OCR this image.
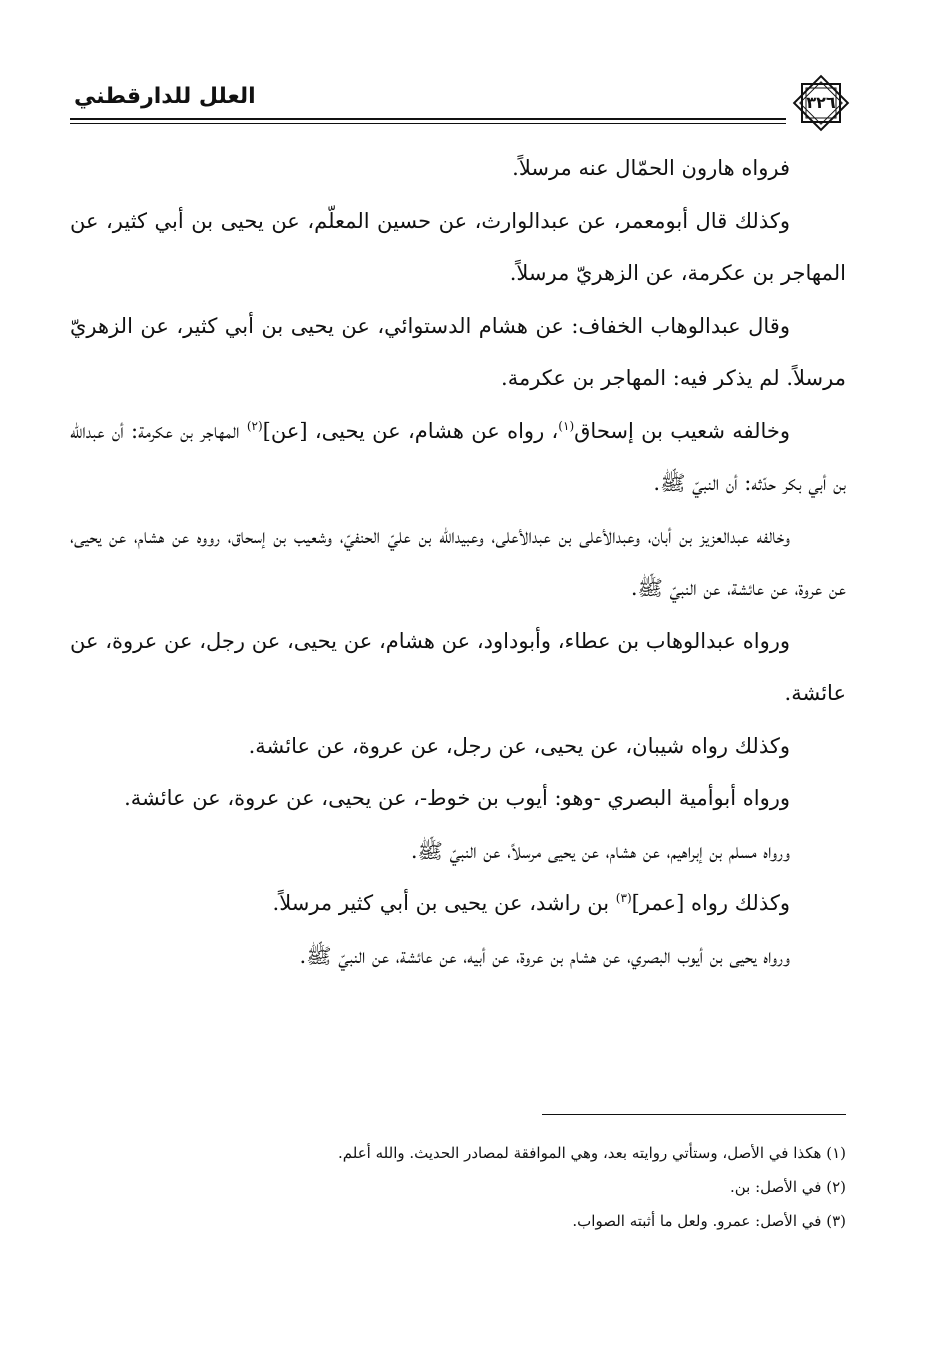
العلل للدارقطني	٣٢٦

فرواه هارون الحمّال عنه مرسلاً.

وكذلك قال أبومعمر، عن عبدالوارث، عن حسين المعلّم، عن يحيى بن أبي كثير، عن المهاجر بن عكرمة، عن الزهريّ مرسلاً.

وقال عبدالوهاب الخفاف: عن هشام الدستوائي، عن يحيى بن أبي كثير، عن الزهريّ مرسلاً. لم يذكر فيه: المهاجر بن عكرمة.

وخالفه شعيب بن إسحاق$^{(١)}$، رواه عن هشام، عن يحيى، [عن]$^{(٢)}$ المهاجر بن عكرمة: أن عبدالله بن أبي بكر حدّثه: أن النبيّ ﷺ.

وخالفه عبدالعزيز بن أبان، وعبدالأعلى بن عبدالأعلى، وعبيدالله بن عليّ الحنفيّ، وشعيب بن إسحاق، رووه عن هشام، عن يحيى، عن عروة، عن عائشة، عن النبيّ ﷺ.

ورواه عبدالوهاب بن عطاء، وأبوداود، عن هشام، عن يحيى، عن رجل، عن عروة، عن عائشة.

وكذلك رواه شيبان، عن يحيى، عن رجل، عن عروة، عن عائشة.

ورواه أبوأمية البصري -وهو: أيوب بن خوط-، عن يحيى، عن عروة، عن عائشة.

ورواه مسلم بن إبراهيم، عن هشام، عن يحيى مرسلاً، عن النبيّ ﷺ.

وكذلك رواه [عمر]$^{(٣)}$ بن راشد، عن يحيى بن أبي كثير مرسلاً.

ورواه يحيى بن أيوب البصري، عن هشام بن عروة، عن أبيه، عن عائشة، عن النبيّ ﷺ.

(١) هكذا في الأصل، وستأتي روايته بعد، وهي الموافقة لمصادر الحديث. والله أعلم.

(٢) في الأصل: بن.

(٣) في الأصل: عمرو. ولعل ما أثبته الصواب.
